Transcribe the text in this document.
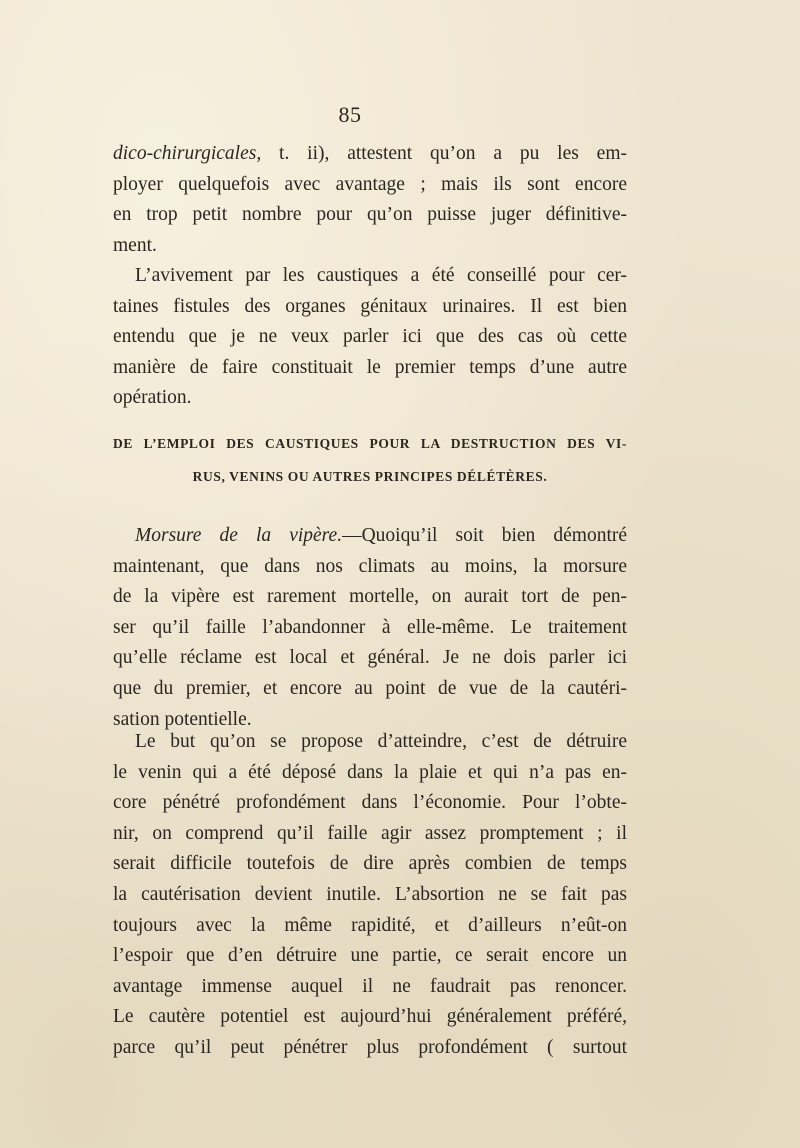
85
dico-chirurgicales, t. ii), attestent qu’on a pu les em-
ployer quelquefois avec avantage ; mais ils sont encore
en trop petit nombre pour qu’on puisse juger définitive-
ment.
L’avivement par les caustiques a été conseillé pour cer-
taines fistules des organes génitaux urinaires. Il est bien
entendu que je ne veux parler ici que des cas où cette
manière de faire constituait le premier temps d’une autre
opération.
DE L’EMPLOI DES CAUSTIQUES POUR LA DESTRUCTION DES VI-
RUS, VENINS OU AUTRES PRINCIPES DÉLÉTÈRES.
Morsure de la vipère.—Quoiqu’il soit bien démontré
maintenant, que dans nos climats au moins, la morsure
de la vipère est rarement mortelle, on aurait tort de pen-
ser qu’il faille l’abandonner à elle-même. Le traitement
qu’elle réclame est local et général. Je ne dois parler ici
que du premier, et encore au point de vue de la cautéri-
sation potentielle.
Le but qu’on se propose d’atteindre, c’est de détruire
le venin qui a été déposé dans la plaie et qui n’a pas en-
core pénétré profondément dans l’économie. Pour l’obte-
nir, on comprend qu’il faille agir assez promptement ; il
serait difficile toutefois de dire après combien de temps
la cautérisation devient inutile. L’absortion ne se fait pas
toujours avec la même rapidité, et d’ailleurs n’eût-on
l’espoir que d’en détruire une partie, ce serait encore un
avantage immense auquel il ne faudrait pas renoncer.
Le cautère potentiel est aujourd’hui généralement préféré,
parce qu’il peut pénétrer plus profondément ( surtout
